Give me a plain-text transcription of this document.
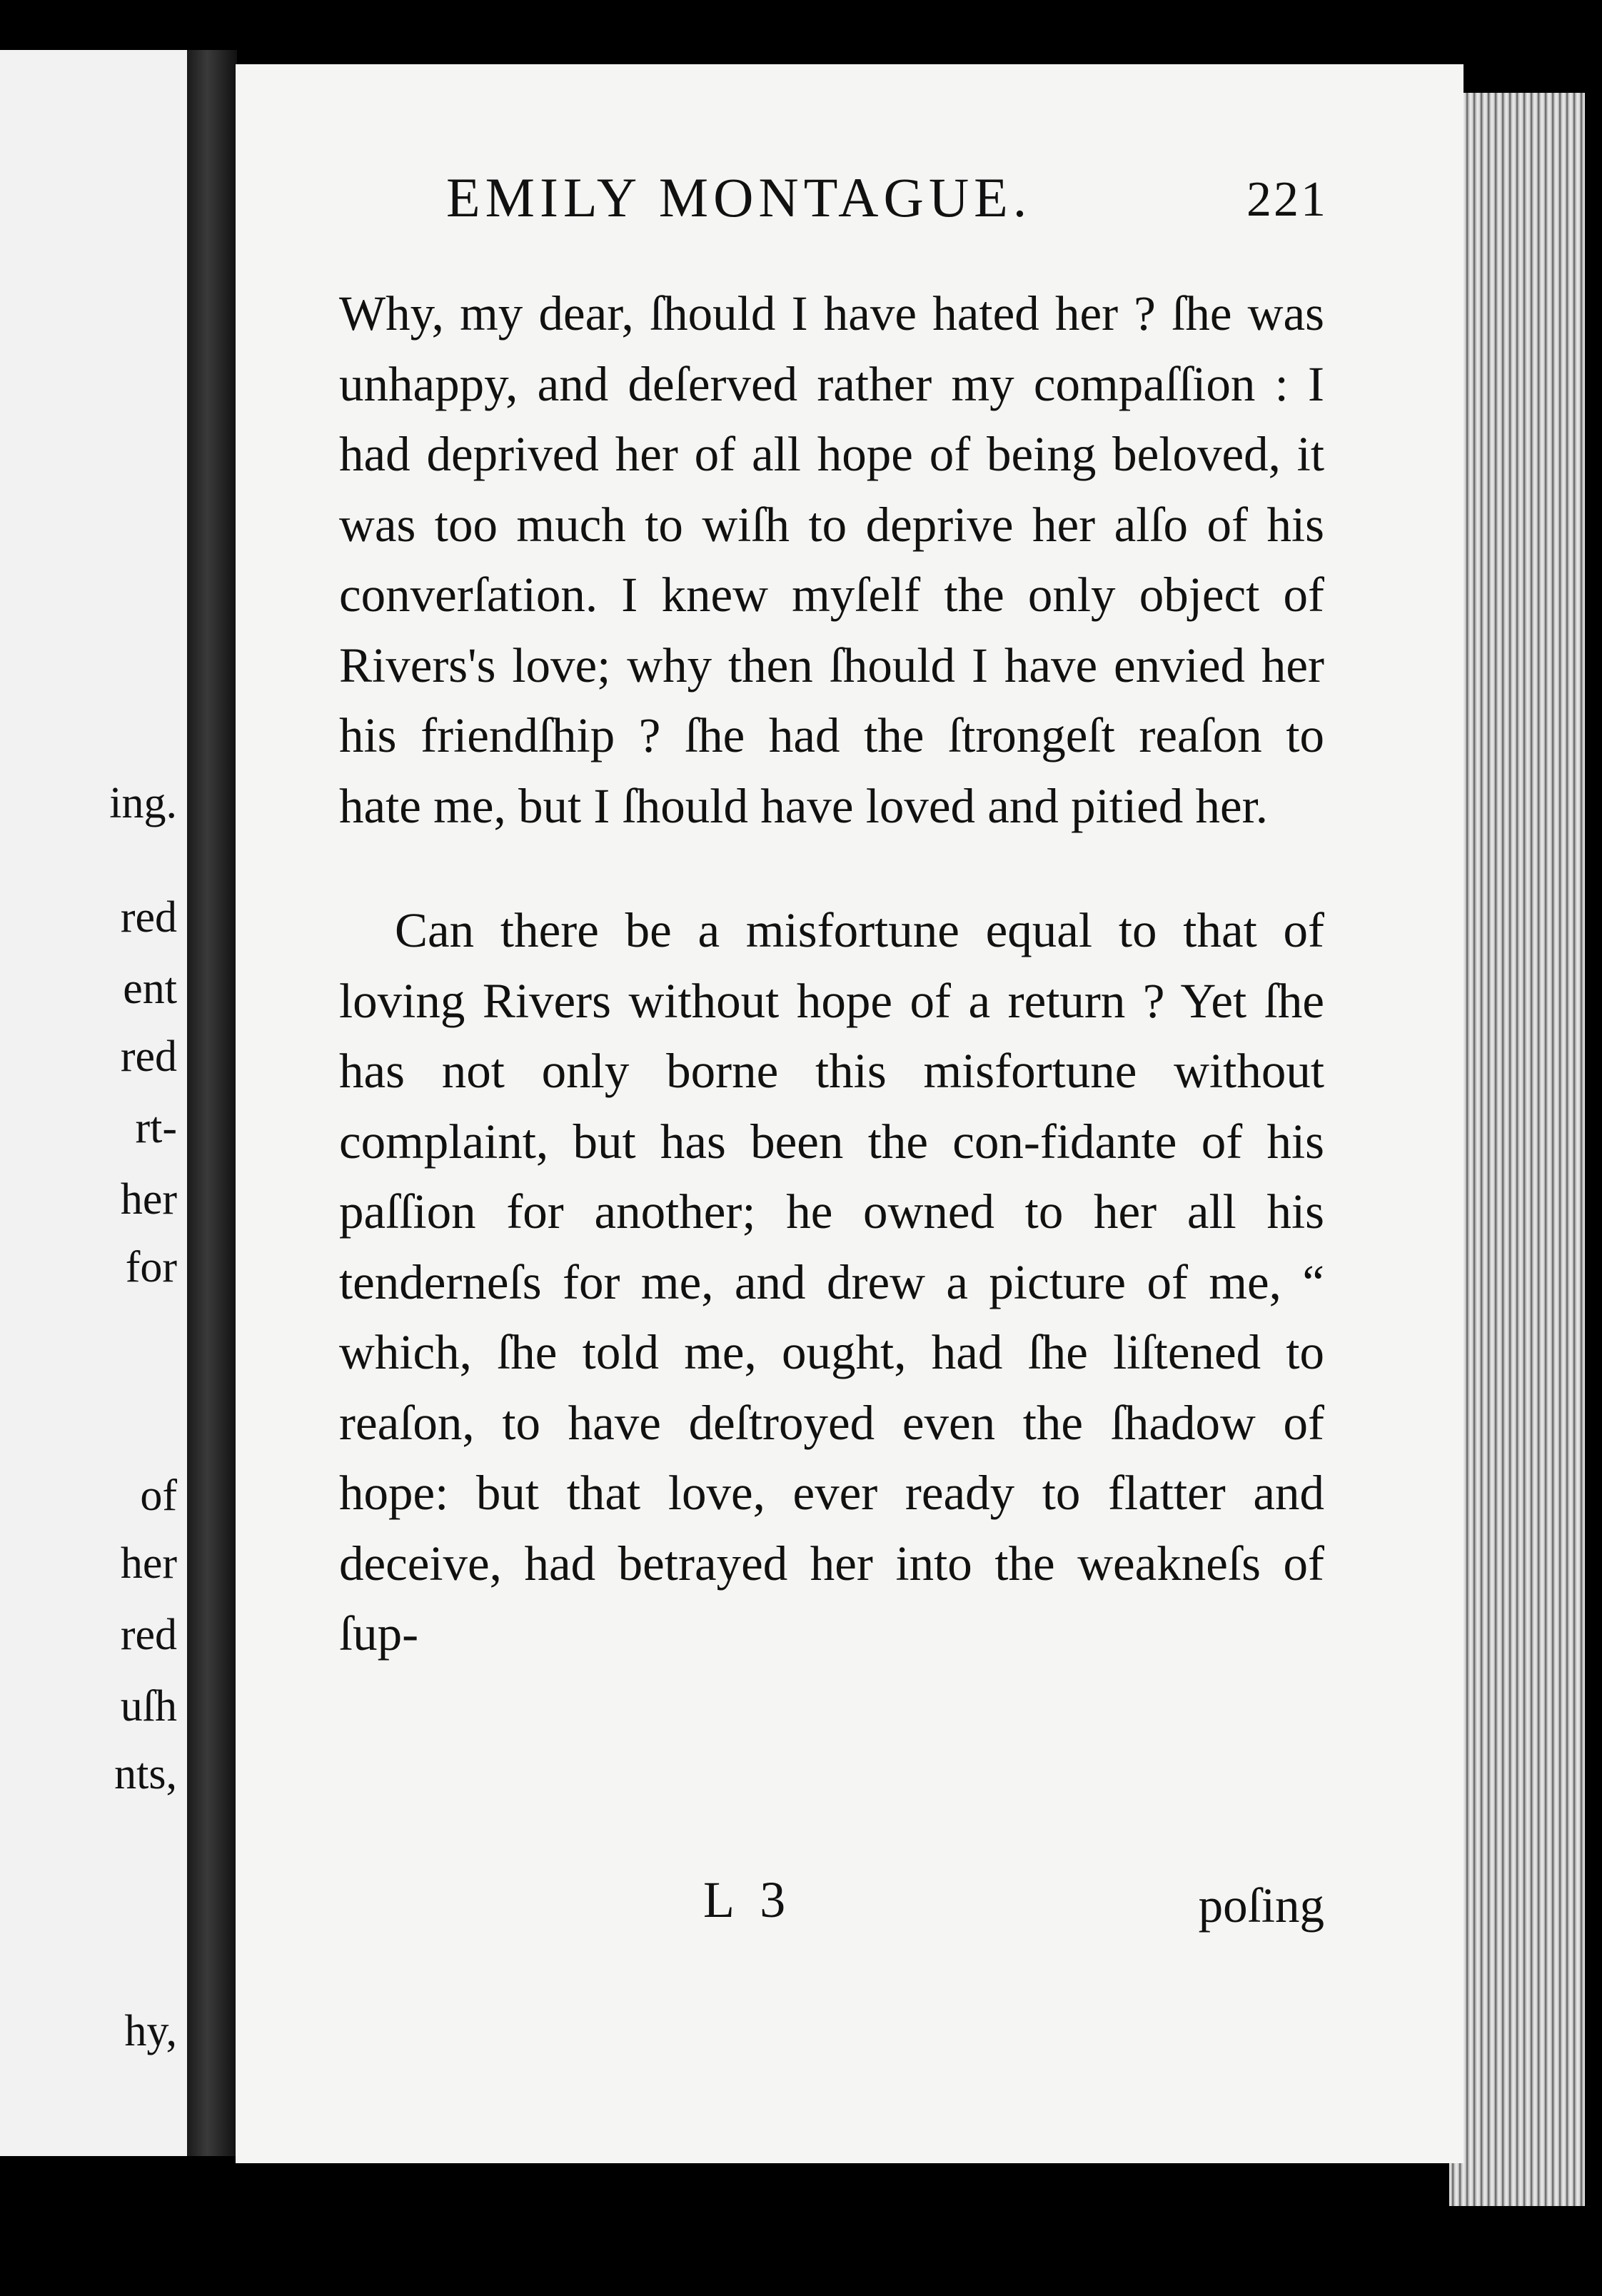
ing.
red
ent
red
rt-
her
for
of
her
red
uſh
nts,
hy,
EMILY MONTAGUE.	221

Why, my dear, ſhould I have hated her ? ſhe was unhappy, and deſerved rather my compaſſion : I had deprived her of all hope of being beloved, it was too much to wiſh to deprive her alſo of his converſation. I knew myſelf the only object of Rivers's love; why then ſhould I have envied her his friendſhip ? ſhe had the ſtrongeſt reaſon to hate me, but I ſhould have loved and pitied her.

Can there be a misfortune equal to that of loving Rivers without hope of a return ? Yet ſhe has not only borne this misfortune without complaint, but has been the con-fidante of his paſſion for another; he owned to her all his tenderneſs for me, and drew a picture of me, “ which, ſhe told me, ought, had ſhe liſtened to reaſon, to have deſtroyed even the ſhadow of hope: but that love, ever ready to flatter and deceive, had betrayed her into the weakneſs of ſup-

L 3	poſing
